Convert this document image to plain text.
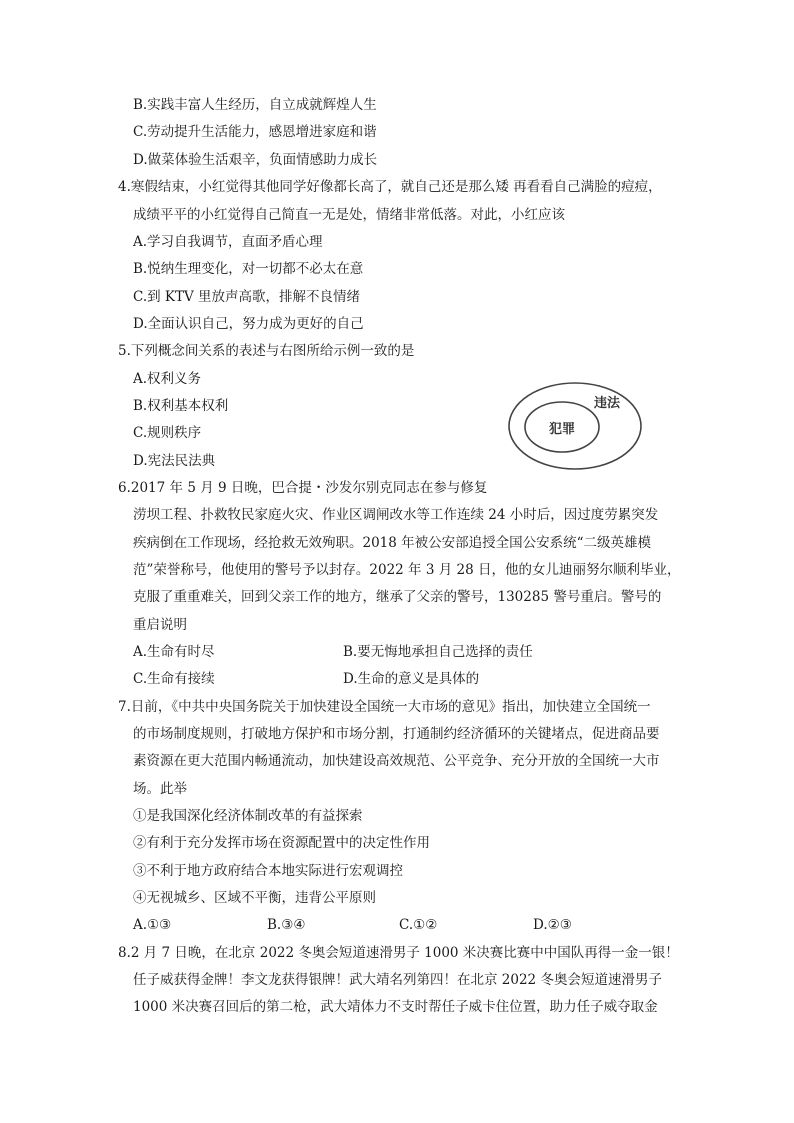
B.实践丰富人生经历，自立成就辉煌人生
C.劳动提升生活能力，感恩增进家庭和谐
D.做菜体验生活艰辛，负面情感助力成长
4.寒假结束，小红觉得其他同学好像都长高了，就自己还是那么矮 再看看自己满脸的痘痘，
成绩平平的小红觉得自己简直一无是处，情绪非常低落。对此，小红应该
A.学习自我调节，直面矛盾心理
B.悦纳生理变化，对一切都不必太在意
C.到 KTV 里放声高歌，排解不良情绪
D.全面认识自己，努力成为更好的自己
5.下列概念间关系的表述与右图所给示例一致的是
A.权利义务
B.权利基本权利
C.规则秩序
D.宪法民法典
违法
犯罪
6.2017 年 5 月 9 日晚，巴合提・沙发尔别克同志在参与修复
涝坝工程、扑救牧民家庭火灾、作业区调闸改水等工作连续 24 小时后，因过度劳累突发
疾病倒在工作现场，经抢救无效殉职。2018 年被公安部追授全国公安系统“二级英雄模
范”荣誉称号，他使用的警号予以封存。2022 年 3 月 28 日，他的女儿迪丽努尔顺利毕业，
克服了重重难关，回到父亲工作的地方，继承了父亲的警号，130285 警号重启。警号的
重启说明
A.生命有时尽	B.要无悔地承担自己选择的责任
C.生命有接续	D.生命的意义是具体的
7.日前，《中共中央国务院关于加快建设全国统一大市场的意见》指出，加快建立全国统一
的市场制度规则，打破地方保护和市场分割，打通制约经济循环的关键堵点，促进商品要
素资源在更大范围内畅通流动，加快建设高效规范、公平竞争、充分开放的全国统一大市
场。此举
①是我国深化经济体制改革的有益探索
②有利于充分发挥市场在资源配置中的决定性作用
③不利于地方政府结合本地实际进行宏观调控
④无视城乡、区域不平衡，违背公平原则
A.①③	B.③④	C.①②	D.②③
8.2 月 7 日晚，在北京 2022 冬奥会短道速滑男子 1000 米决赛比赛中中国队再得一金一银！
任子威获得金牌！李文龙获得银牌！武大靖名列第四！在北京 2022 冬奥会短道速滑男子
1000 米决赛召回后的第二枪，武大靖体力不支时帮任子威卡住位置，助力任子威夺取金
